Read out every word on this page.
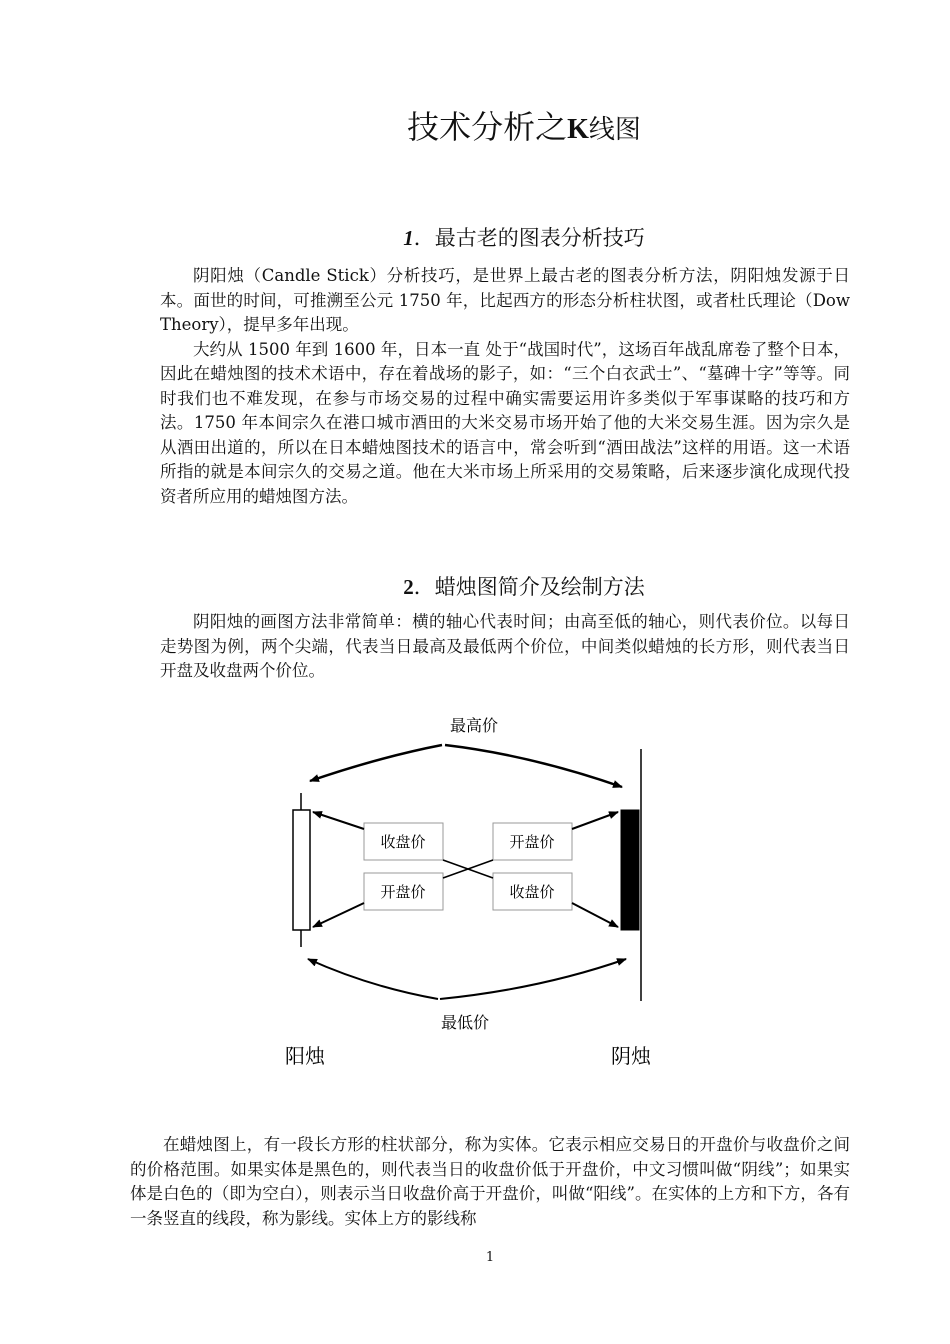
技术分析之K线图
1．最古老的图表分析技巧

阴阳烛（Candle Stick）分析技巧，是世界上最古老的图表分析方法，阴阳烛发源于日本。面世的时间，可推溯至公元 1750 年，比起西方的形态分析柱状图，或者杜氏理论（Dow Theory），提早多年出现。

大约从 1500 年到 1600 年，日本一直 处于“战国时代”，这场百年战乱席卷了整个日本，因此在蜡烛图的技术术语中，存在着战场的影子，如：“三个白衣武士”、“墓碑十字”等等。同时我们也不难发现，在参与市场交易的过程中确实需要运用许多类似于军事谋略的技巧和方法。1750 年本间宗久在港口城市酒田的大米交易市场开始了他的大米交易生涯。因为宗久是从酒田出道的，所以在日本蜡烛图技术的语言中，常会听到“酒田战法”这样的用语。这一术语所指的就是本间宗久的交易之道。他在大米市场上所采用的交易策略，后来逐步演化成现代投资者所应用的蜡烛图方法。

2．蜡烛图简介及绘制方法

阴阳烛的画图方法非常简单：横的轴心代表时间；由高至低的轴心，则代表价位。以每日走势图为例，两个尖端，代表当日最高及最低两个价位，中间类似蜡烛的长方形，则代表当日开盘及收盘两个价位。

最高价
收盘价
开盘价
开盘价
收盘价
最低价
阳烛	阴烛

在蜡烛图上，有一段长方形的柱状部分，称为实体。它表示相应交易日的开盘价与收盘价之间的价格范围。如果实体是黑色的，则代表当日的收盘价低于开盘价，中文习惯叫做“阴线”；如果实体是白色的（即为空白），则表示当日收盘价高于开盘价，叫做“阳线”。在实体的上方和下方，各有一条竖直的线段，称为影线。实体上方的影线称

1
